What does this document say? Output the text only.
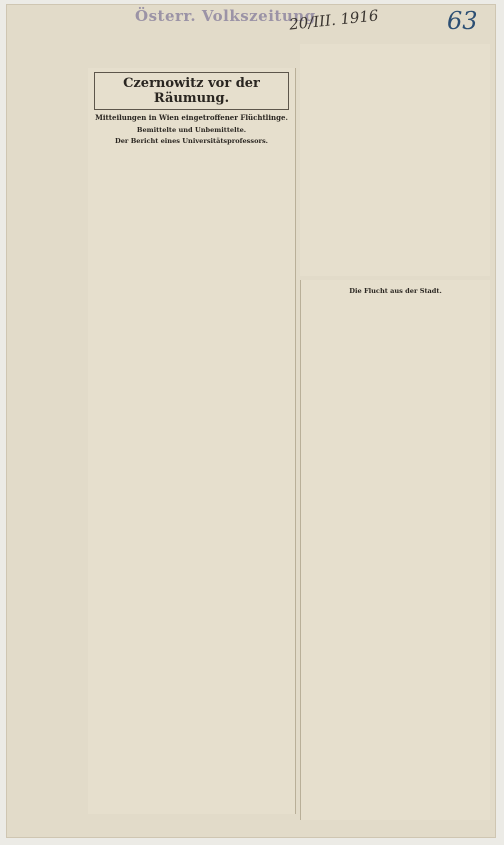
Österr. Volkszeitung
20/III. 1916	63
Czernowitz vor der Räumung.
Mitteilungen in Wien eingetroffener Flüchtlinge.
Bemittelte und Unbemittelte.
Der Bericht eines Universitätsprofessors.
Die Flucht aus der Stadt.
